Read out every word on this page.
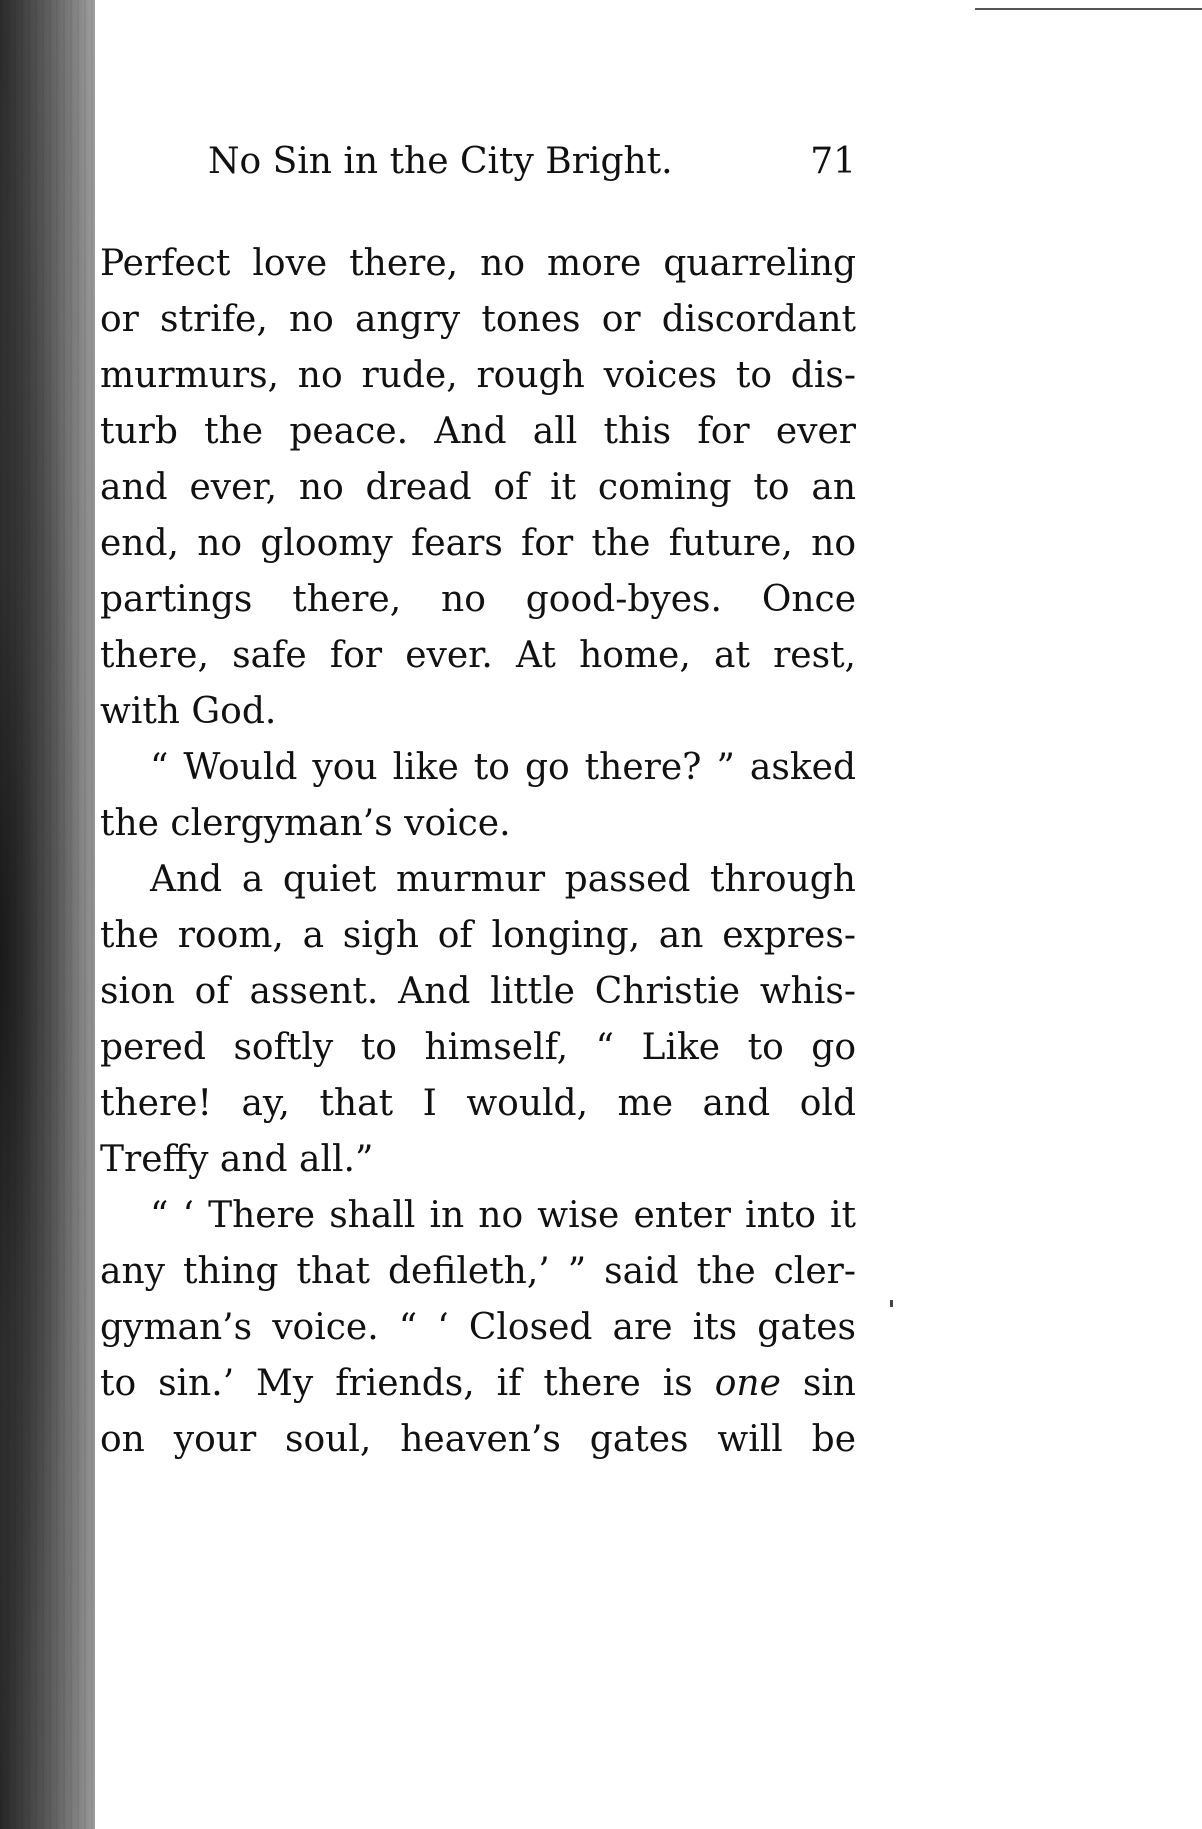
No Sin in the City Bright.	71
Perfect love there, no more quarreling
or strife, no angry tones or discordant
murmurs, no rude, rough voices to dis-
turb the peace. And all this for ever
and ever, no dread of it coming to an
end, no gloomy fears for the future, no
partings there, no good-byes. Once
there, safe for ever. At home, at rest,
with God.
“ Would you like to go there? ” asked
the clergyman’s voice.
And a quiet murmur passed through
the room, a sigh of longing, an expres-
sion of assent. And little Christie whis-
pered softly to himself, “ Like to go
there! ay, that I would, me and old
Treffy and all.”
“ ‘ There shall in no wise enter into it
any thing that defileth,’ ” said the cler-
gyman’s voice. “ ‘ Closed are its gates
to sin.’ My friends, if there is one sin
on your soul, heaven’s gates will be
